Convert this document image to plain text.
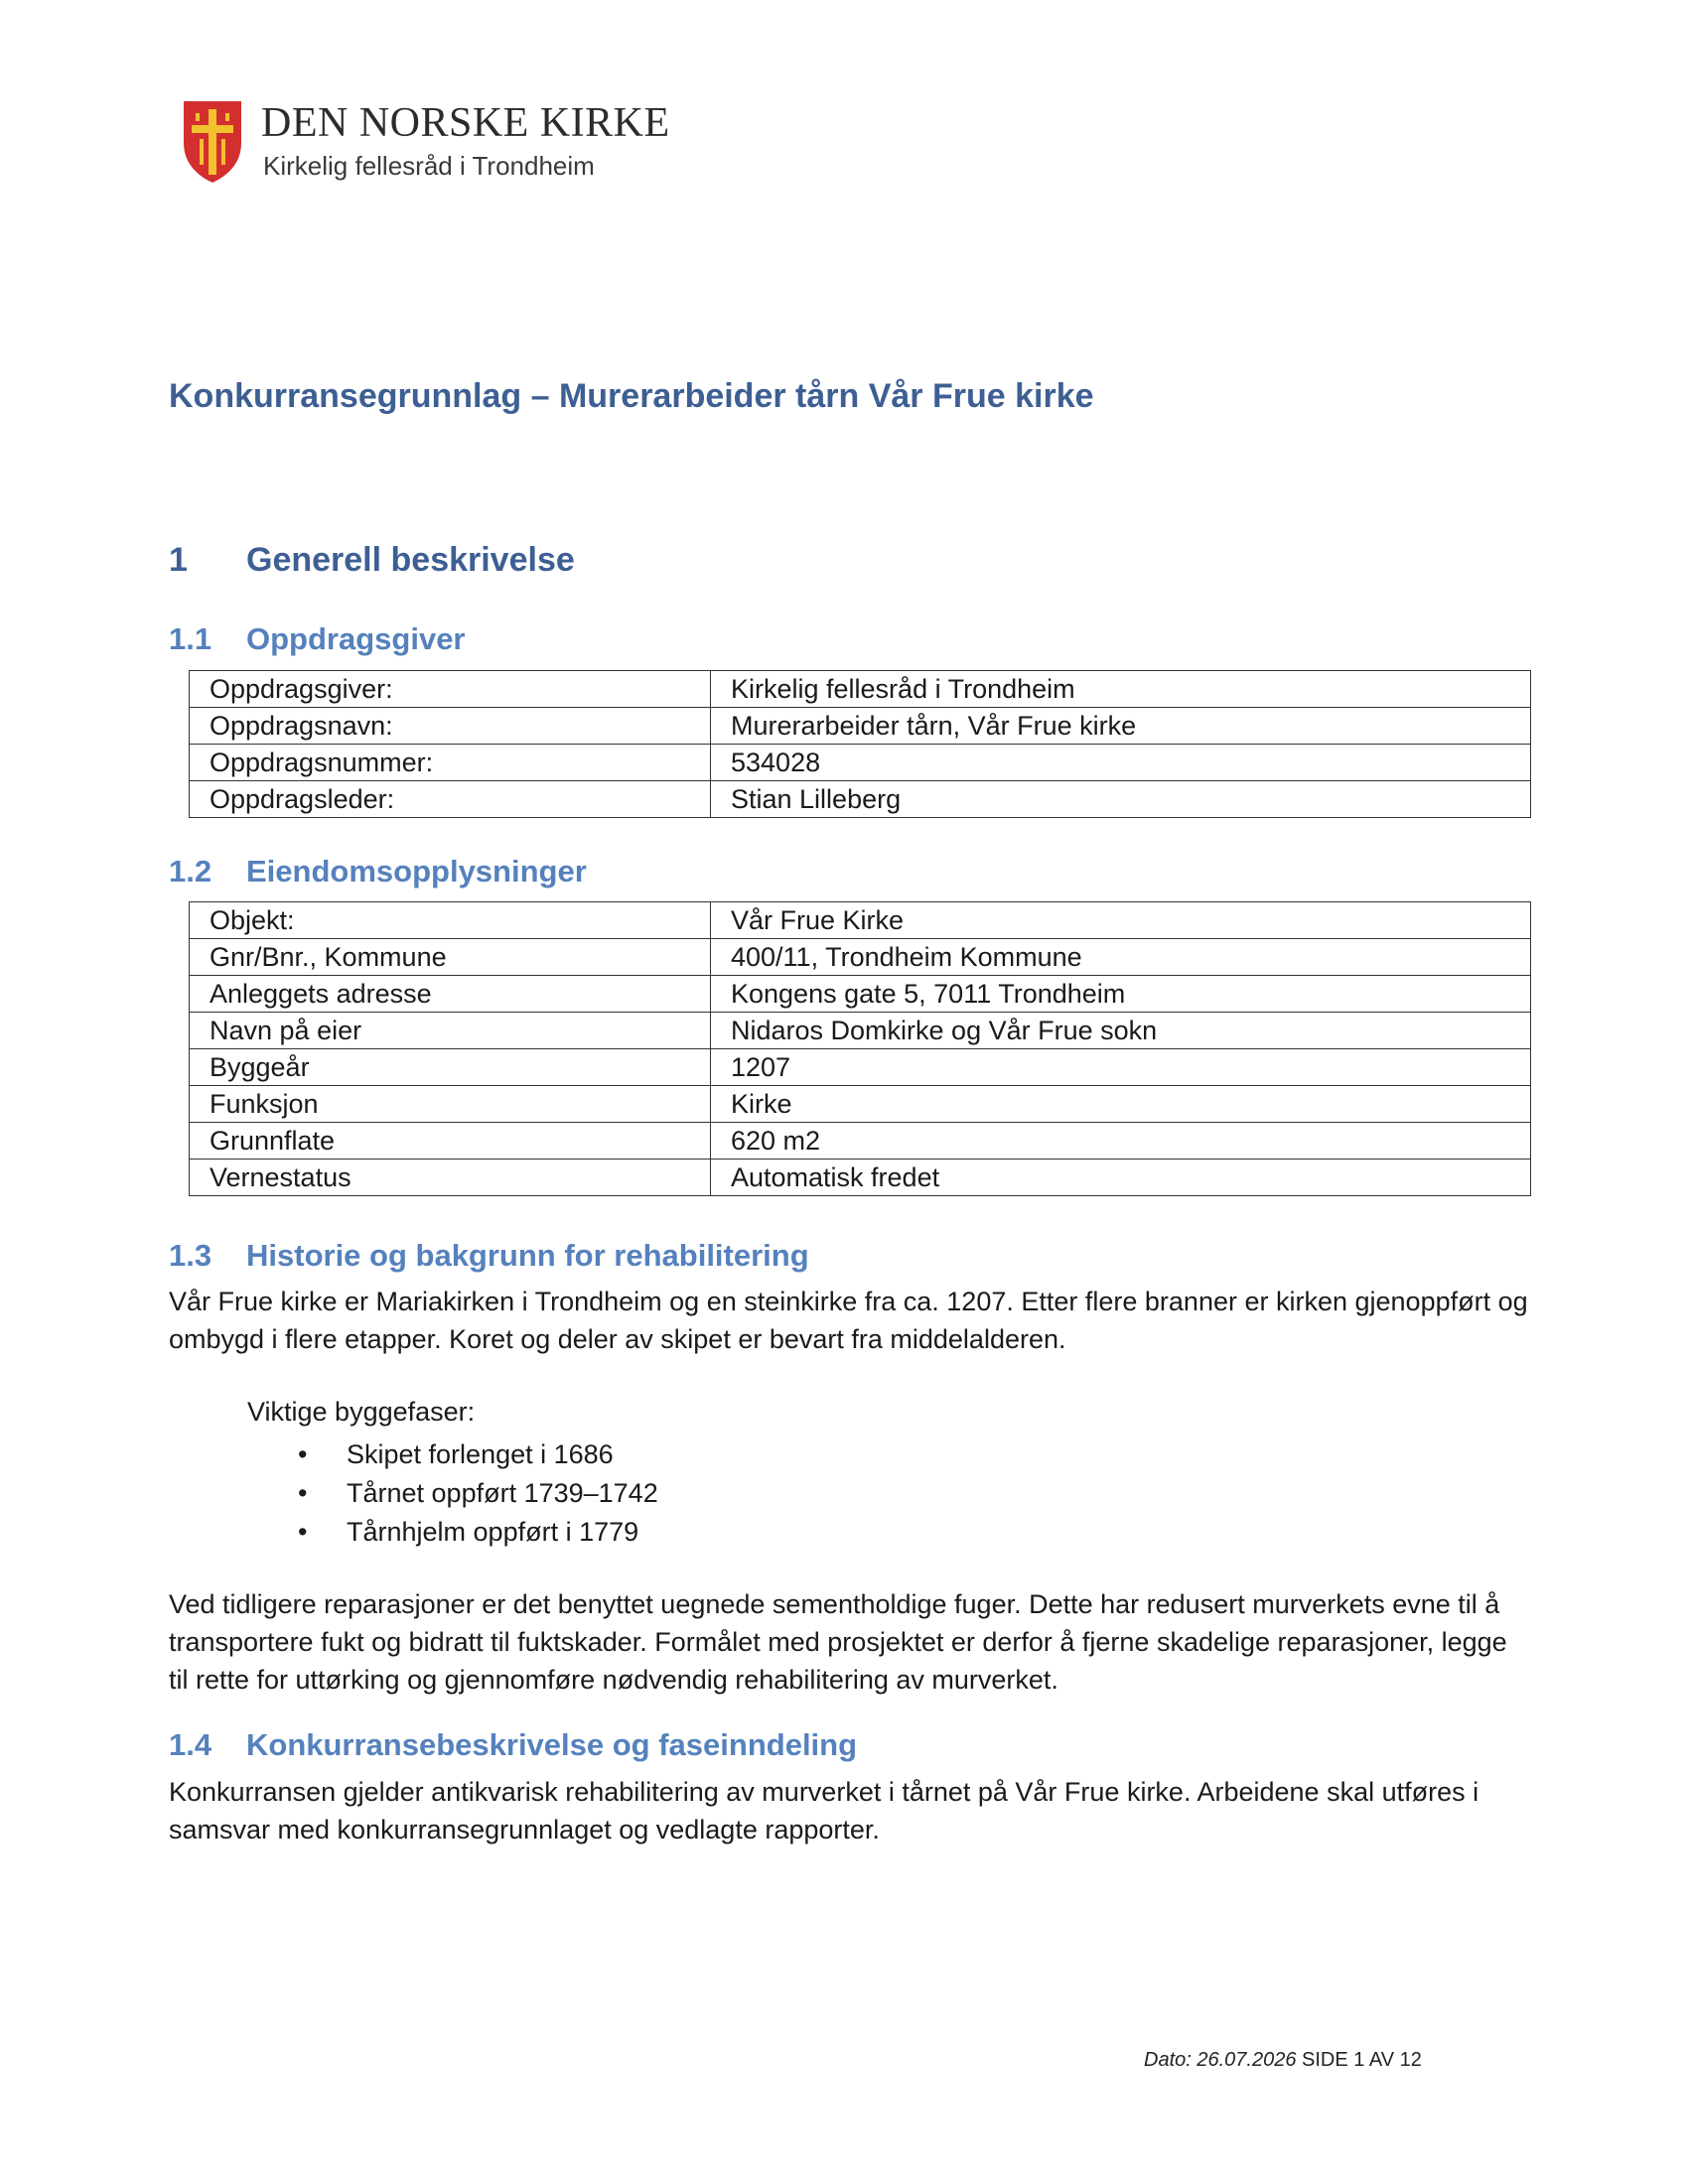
DEN NORSKE KIRKE
Kirkelig fellesråd i Trondheim
Konkurransegrunnlag – Murerarbeider tårn Vår Frue kirke
1 Generell beskrivelse
1.1 Oppdragsgiver
Oppdragsgiver:	Kirkelig fellesråd i Trondheim
Oppdragsnavn:	Murerarbeider tårn, Vår Frue kirke
Oppdragsnummer:	534028
Oppdragsleder:	Stian Lilleberg
1.2 Eiendomsopplysninger
Objekt:	Vår Frue Kirke
Gnr/Bnr., Kommune	400/11, Trondheim Kommune
Anleggets adresse	Kongens gate 5, 7011 Trondheim
Navn på eier	Nidaros Domkirke og Vår Frue sokn
Byggeår	1207
Funksjon	Kirke
Grunnflate	620 m2
Vernestatus	Automatisk fredet
1.3 Historie og bakgrunn for rehabilitering
Vår Frue kirke er Mariakirken i Trondheim og en steinkirke fra ca. 1207. Etter flere branner er kirken gjenoppført og ombygd i flere etapper. Koret og deler av skipet er bevart fra middelalderen.
Viktige byggefaser:
• Skipet forlenget i 1686
• Tårnet oppført 1739–1742
• Tårnhjelm oppført i 1779
Ved tidligere reparasjoner er det benyttet uegnede sementholdige fuger. Dette har redusert murverkets evne til å transportere fukt og bidratt til fuktskader. Formålet med prosjektet er derfor å fjerne skadelige reparasjoner, legge til rette for uttørking og gjennomføre nødvendig rehabilitering av murverket.
1.4 Konkurransebeskrivelse og faseinndeling
Konkurransen gjelder antikvarisk rehabilitering av murverket i tårnet på Vår Frue kirke. Arbeidene skal utføres i samsvar med konkurransegrunnlaget og vedlagte rapporter.
Dato: 26.07.2026 SIDE 1 AV 12
